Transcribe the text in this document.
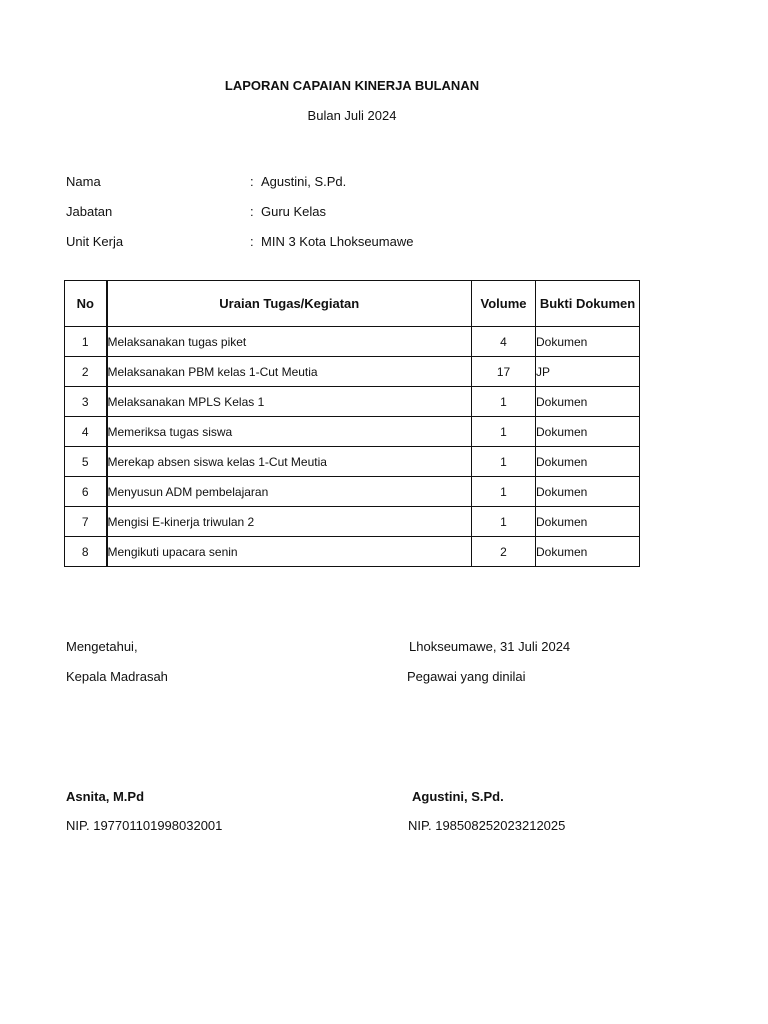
LAPORAN CAPAIAN KINERJA BULANAN
Bulan Juli 2024
Nama	: Agustini, S.Pd.
Jabatan	: Guru Kelas
Unit Kerja	: MIN 3 Kota Lhokseumawe
No	Uraian Tugas/Kegiatan	Volume	Bukti Dokumen
1	Melaksanakan tugas piket	4	Dokumen
2	Melaksanakan PBM kelas 1-Cut Meutia	17	JP
3	Melaksanakan MPLS Kelas 1	1	Dokumen
4	Memeriksa tugas siswa	1	Dokumen
5	Merekap absen siswa kelas 1-Cut Meutia	1	Dokumen
6	Menyusun ADM pembelajaran	1	Dokumen
7	Mengisi E-kinerja triwulan 2	1	Dokumen
8	Mengikuti upacara senin	2	Dokumen
Mengetahui,
Kepala Madrasah
Asnita, M.Pd
NIP. 197701101998032001
Lhokseumawe, 31 Juli 2024
Pegawai yang dinilai
Agustini, S.Pd.
NIP. 198508252023212025
